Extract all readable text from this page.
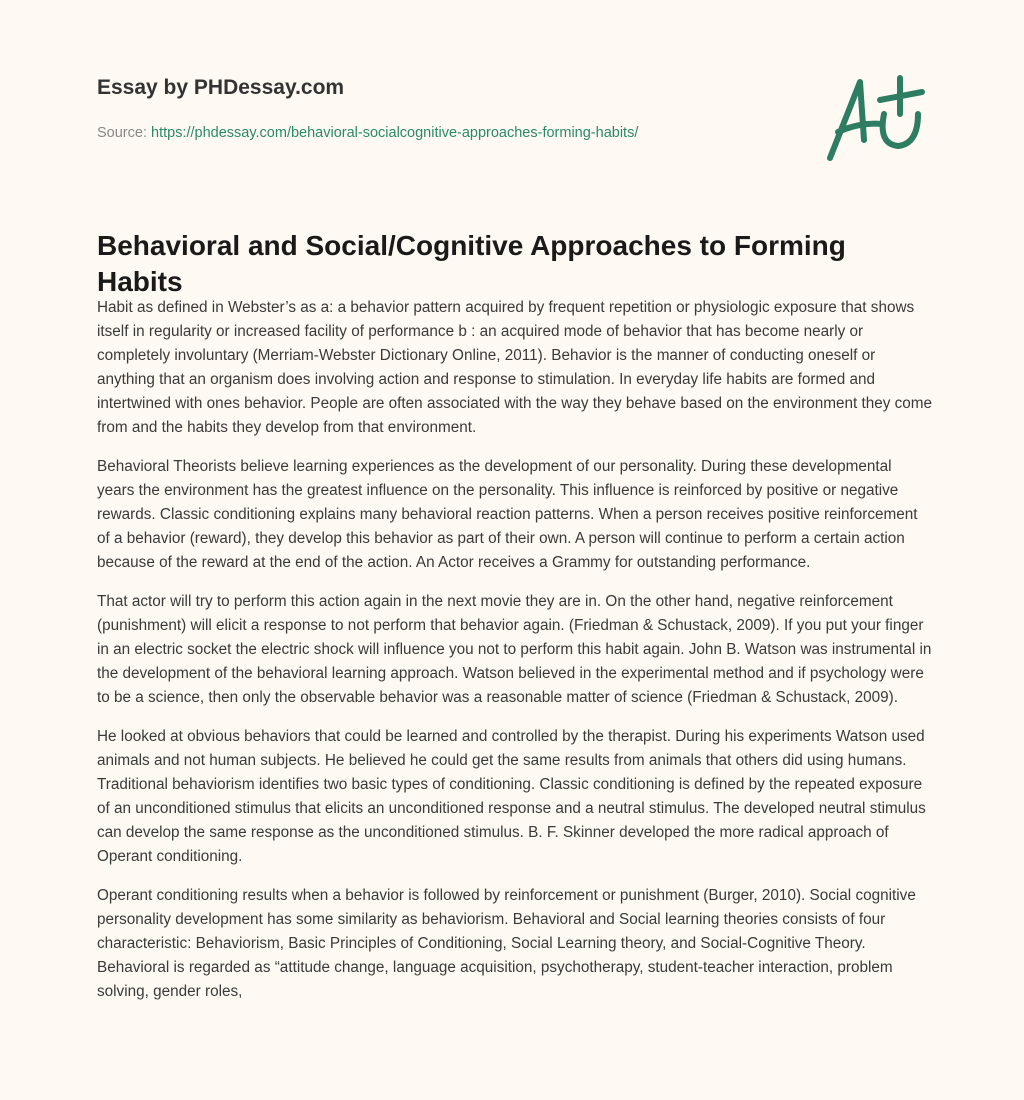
Essay by PHDessay.com
Source: https://phdessay.com/behavioral-socialcognitive-approaches-forming-habits/
Behavioral and Social/Cognitive Approaches to Forming Habits

Habit as defined in Webster’s as a: a behavior pattern acquired by frequent repetition or physiologic exposure that shows itself in regularity or increased facility of performance b : an acquired mode of behavior that has become nearly or completely involuntary (Merriam-Webster Dictionary Online, 2011). Behavior is the manner of conducting oneself or anything that an organism does involving action and response to stimulation. In everyday life habits are formed and intertwined with ones behavior. People are often associated with the way they behave based on the environment they come from and the habits they develop from that environment.

Behavioral Theorists believe learning experiences as the development of our personality. During these developmental years the environment has the greatest influence on the personality. This influence is reinforced by positive or negative rewards. Classic conditioning explains many behavioral reaction patterns. When a person receives positive reinforcement of a behavior (reward), they develop this behavior as part of their own. A person will continue to perform a certain action because of the reward at the end of the action. An Actor receives a Grammy for outstanding performance.

That actor will try to perform this action again in the next movie they are in. On the other hand, negative reinforcement (punishment) will elicit a response to not perform that behavior again. (Friedman & Schustack, 2009). If you put your finger in an electric socket the electric shock will influence you not to perform this habit again. John B. Watson was instrumental in the development of the behavioral learning approach. Watson believed in the experimental method and if psychology were to be a science, then only the observable behavior was a reasonable matter of science (Friedman & Schustack, 2009).

He looked at obvious behaviors that could be learned and controlled by the therapist. During his experiments Watson used animals and not human subjects. He believed he could get the same results from animals that others did using humans. Traditional behaviorism identifies two basic types of conditioning. Classic conditioning is defined by the repeated exposure of an unconditioned stimulus that elicits an unconditioned response and a neutral stimulus. The developed neutral stimulus can develop the same response as the unconditioned stimulus. B. F. Skinner developed the more radical approach of Operant conditioning.

Operant conditioning results when a behavior is followed by reinforcement or punishment (Burger, 2010). Social cognitive personality development has some similarity as behaviorism. Behavioral and Social learning theories consists of four characteristic: Behaviorism, Basic Principles of Conditioning, Social Learning theory, and Social-Cognitive Theory. Behavioral is regarded as “attitude change, language acquisition, psychotherapy, student-teacher interaction, problem solving, gender roles,
